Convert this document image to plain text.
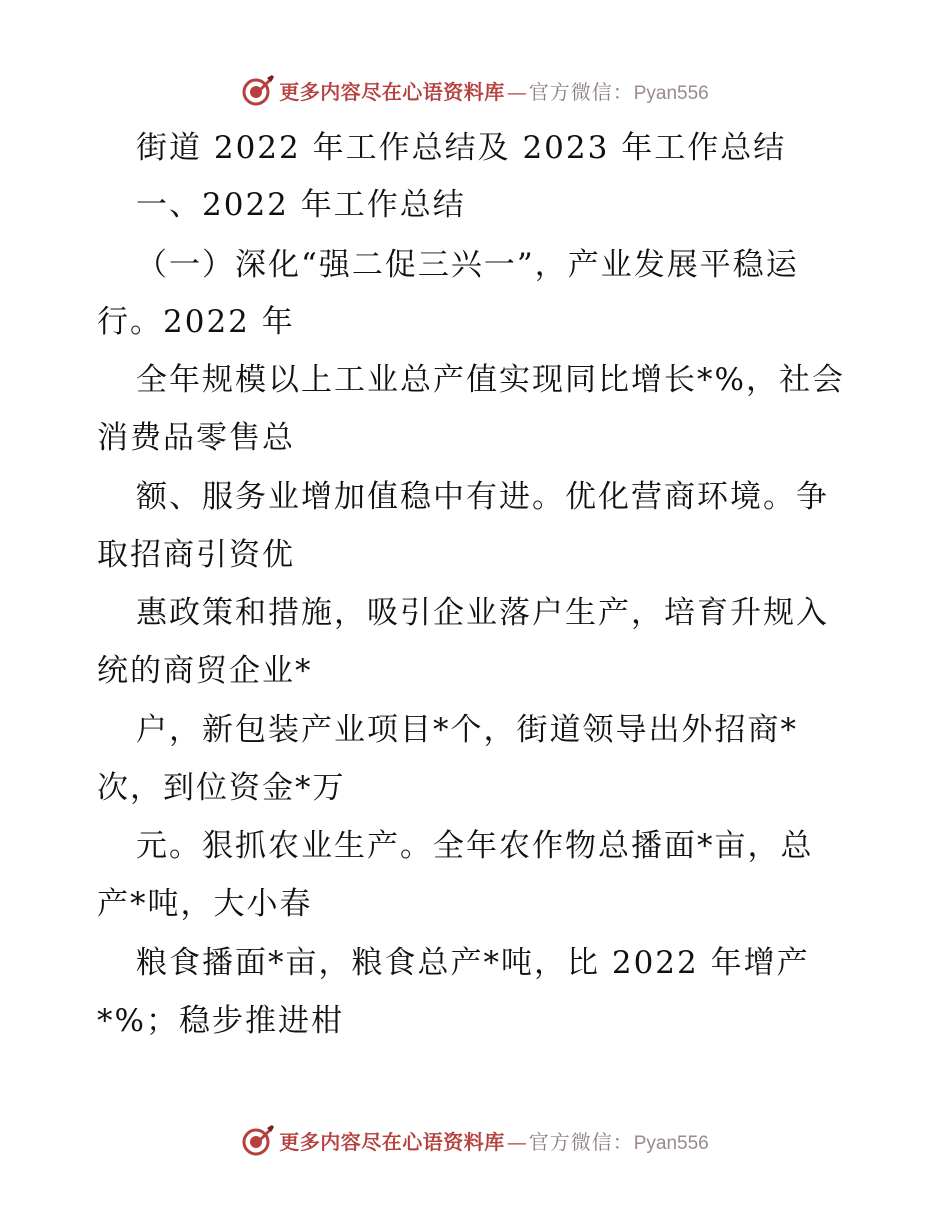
更多内容尽在心语资料库 — 官方微信： Pyan556
街道 2022 年工作总结及 2023 年工作总结
一、2022 年工作总结
（一）深化“强二促三兴一”，产业发展平稳运
行。2022 年
全年规模以上工业总产值实现同比增长*%，社会
消费品零售总
额、服务业增加值稳中有进。优化营商环境。争
取招商引资优
惠政策和措施，吸引企业落户生产，培育升规入
统的商贸企业*
户，新包装产业项目*个，街道领导出外招商*
次，到位资金*万
元。狠抓农业生产。全年农作物总播面*亩，总
产*吨，大小春
粮食播面*亩，粮食总产*吨，比 2022 年增产
*%；稳步推进柑
更多内容尽在心语资料库 — 官方微信： Pyan556
